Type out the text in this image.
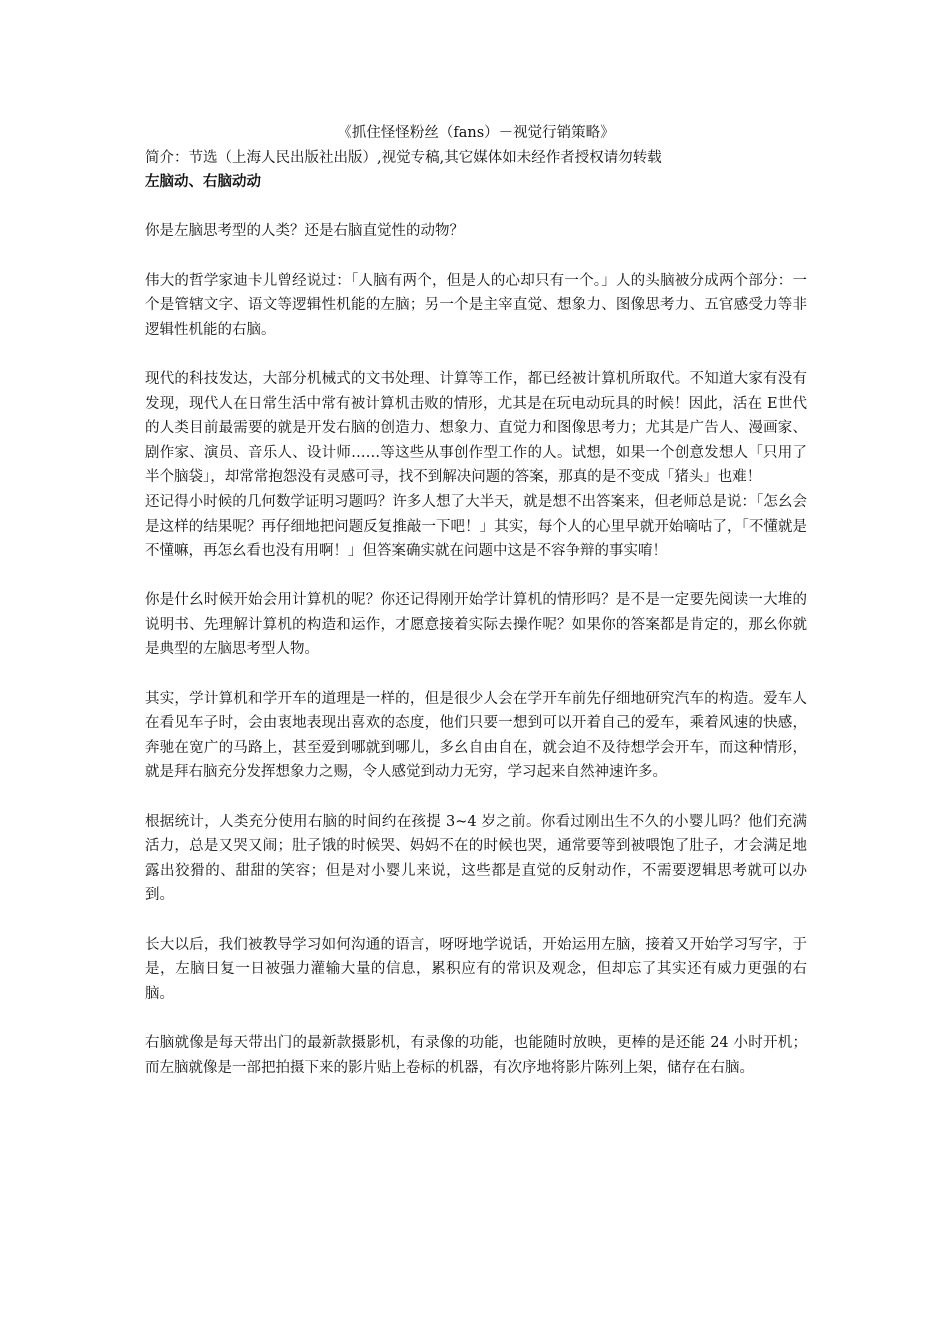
《抓住怪怪粉丝（fans）－视觉行销策略》

简介：节选（上海人民出版社出版）,视觉专稿,其它媒体如未经作者授权请勿转载

左脑动、右脑动动

你是左脑思考型的人类？还是右脑直觉性的动物？

伟大的哲学家迪卡儿曾经说过：「人脑有两个，但是人的心却只有一个。」人的头脑被分成两个部分：一个是管辖文字、语文等逻辑性机能的左脑；另一个是主宰直觉、想象力、图像思考力、五官感受力等非逻辑性机能的右脑。

现代的科技发达，大部分机械式的文书处理、计算等工作，都已经被计算机所取代。不知道大家有没有发现，现代人在日常生活中常有被计算机击败的情形，尤其是在玩电动玩具的时候！因此，活在 E世代的人类目前最需要的就是开发右脑的创造力、想象力、直觉力和图像思考力；尤其是广告人、漫画家、剧作家、演员、音乐人、设计师……等这些从事创作型工作的人。试想，如果一个创意发想人「只用了半个脑袋」，却常常抱怨没有灵感可寻，找不到解决问题的答案，那真的是不变成「猪头」也难！

还记得小时候的几何数学证明习题吗？许多人想了大半天，就是想不出答案来，但老师总是说：「怎幺会是这样的结果呢？再仔细地把问题反复推敲一下吧！」其实，每个人的心里早就开始嘀咕了，「不懂就是不懂嘛，再怎幺看也没有用啊！」但答案确实就在问题中这是不容争辩的事实唷！

你是什幺时候开始会用计算机的呢？你还记得刚开始学计算机的情形吗？是不是一定要先阅读一大堆的说明书、先理解计算机的构造和运作，才愿意接着实际去操作呢？如果你的答案都是肯定的，那幺你就是典型的左脑思考型人物。

其实，学计算机和学开车的道理是一样的，但是很少人会在学开车前先仔细地研究汽车的构造。爱车人在看见车子时，会由衷地表现出喜欢的态度，他们只要一想到可以开着自己的爱车，乘着风速的快感，奔驰在宽广的马路上，甚至爱到哪就到哪儿，多幺自由自在，就会迫不及待想学会开车，而这种情形，就是拜右脑充分发挥想象力之赐，令人感觉到动力无穷，学习起来自然神速许多。

根据统计，人类充分使用右脑的时间约在孩提 3~4 岁之前。你看过刚出生不久的小婴儿吗？他们充满活力，总是又哭又闹；肚子饿的时候哭、妈妈不在的时候也哭，通常要等到被喂饱了肚子，才会满足地露出狡猾的、甜甜的笑容；但是对小婴儿来说，这些都是直觉的反射动作，不需要逻辑思考就可以办到。

长大以后，我们被教导学习如何沟通的语言，呀呀地学说话，开始运用左脑，接着又开始学习写字，于是，左脑日复一日被强力灌输大量的信息，累积应有的常识及观念，但却忘了其实还有威力更强的右脑。

右脑就像是每天带出门的最新款摄影机，有录像的功能，也能随时放映，更棒的是还能 24 小时开机；而左脑就像是一部把拍摄下来的影片贴上卷标的机器，有次序地将影片陈列上架，储存在右脑。
